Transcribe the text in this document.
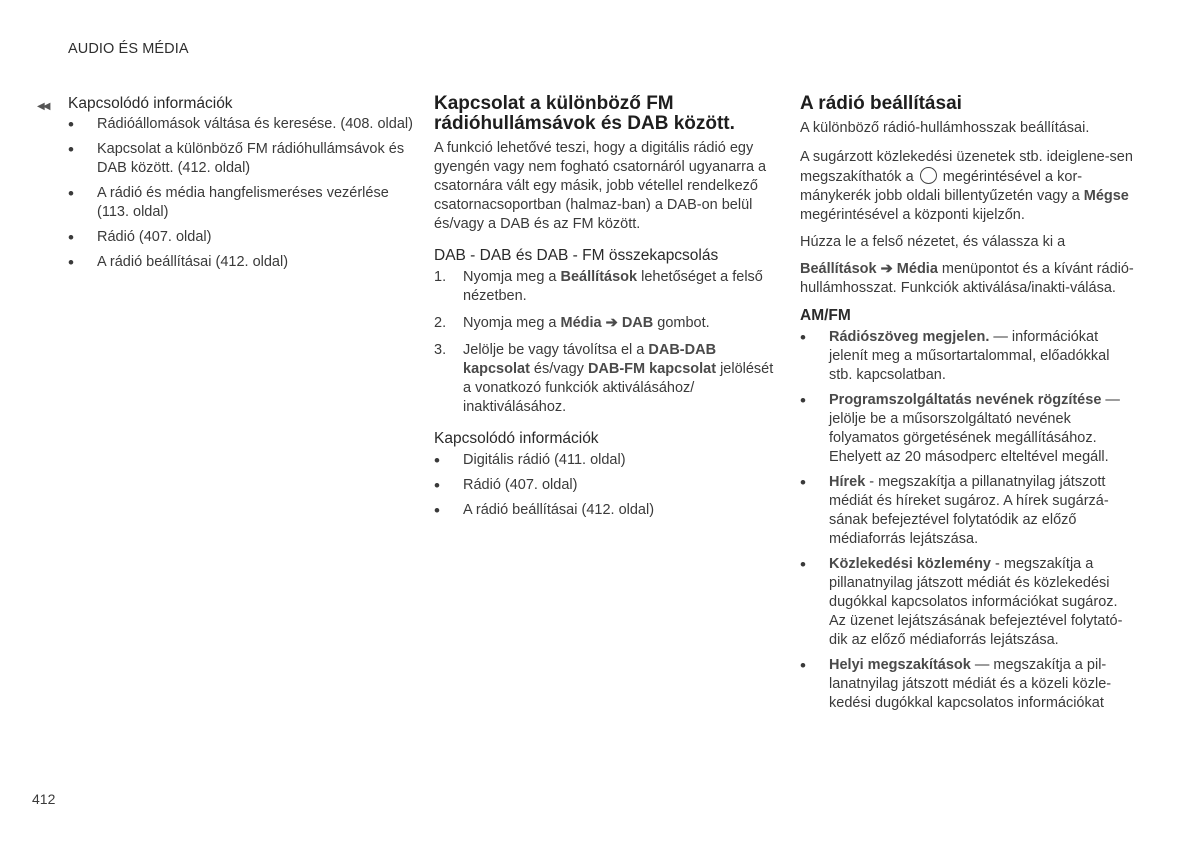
AUDIO ÉS MÉDIA
◀◀ Kapcsolódó információk
• Rádióállomások váltása és keresése. (408. oldal)
• Kapcsolat a különböző FM rádióhullámsávok és DAB között. (412. oldal)
• A rádió és média hangfelismeréses vezérlése (113. oldal)
• Rádió (407. oldal)
• A rádió beállításai (412. oldal)
Kapcsolat a különböző FM rádióhullámsávok és DAB között.

A funkció lehetővé teszi, hogy a digitális rádió egy gyengén vagy nem fogható csatornáról ugyanarra a csatornára vált egy másik, jobb vétellel rendelkező csatornacsoportban (halmaz-ban) a DAB-on belül és/vagy a DAB és az FM között.

DAB - DAB és DAB - FM összekapcsolás
1. Nyomja meg a Beállítások lehetőséget a felső nézetben.
2. Nyomja meg a Média ➔ DAB gombot.
3. Jelölje be vagy távolítsa el a DAB-DAB kapcsolat és/vagy DAB-FM kapcsolat jelölését a vonatkozó funkciók aktiválásához/ inaktiválásához.
Kapcsolódó információk
• Digitális rádió (411. oldal)
• Rádió (407. oldal)
• A rádió beállításai (412. oldal)
A rádió beállításai

A különböző rádió-hullámhosszak beállításai.

A sugárzott közlekedési üzenetek stb. ideiglene-sen megszakíthatók a  megérintésével a kor-mánykerék jobb oldali billentyűzetén vagy a Mégse megérintésével a központi kijelzőn.

Húzza le a felső nézetet, és válassza ki a

Beállítások ➔ Média menüpontot és a kívánt rádió-hullámhosszat. Funkciók aktiválása/inakti-válása.

AM/FM
• Rádiószöveg megjelen. — információkat jelenít meg a műsortartalommal, előadókkal stb. kapcsolatban.
• Programszolgáltatás nevének rögzítése — jelölje be a műsorszolgáltató nevének folyamatos görgetésének megállításához. Ehelyett az 20 másodperc elteltével megáll.
• Hírek - megszakítja a pillanatnyilag játszott médiát és híreket sugároz. A hírek sugárzá-sának befejeztével folytatódik az előző médiaforrás lejátszása.
• Közlekedési közlemény - megszakítja a pillanatnyilag játszott médiát és közlekedési dugókkal kapcsolatos információkat sugároz. Az üzenet lejátszásának befejeztével folytató-dik az előző médiaforrás lejátszása.
• Helyi megszakítások — megszakítja a pil-lanatnyilag játszott médiát és a közeli közle-kedési dugókkal kapcsolatos információkat
412
